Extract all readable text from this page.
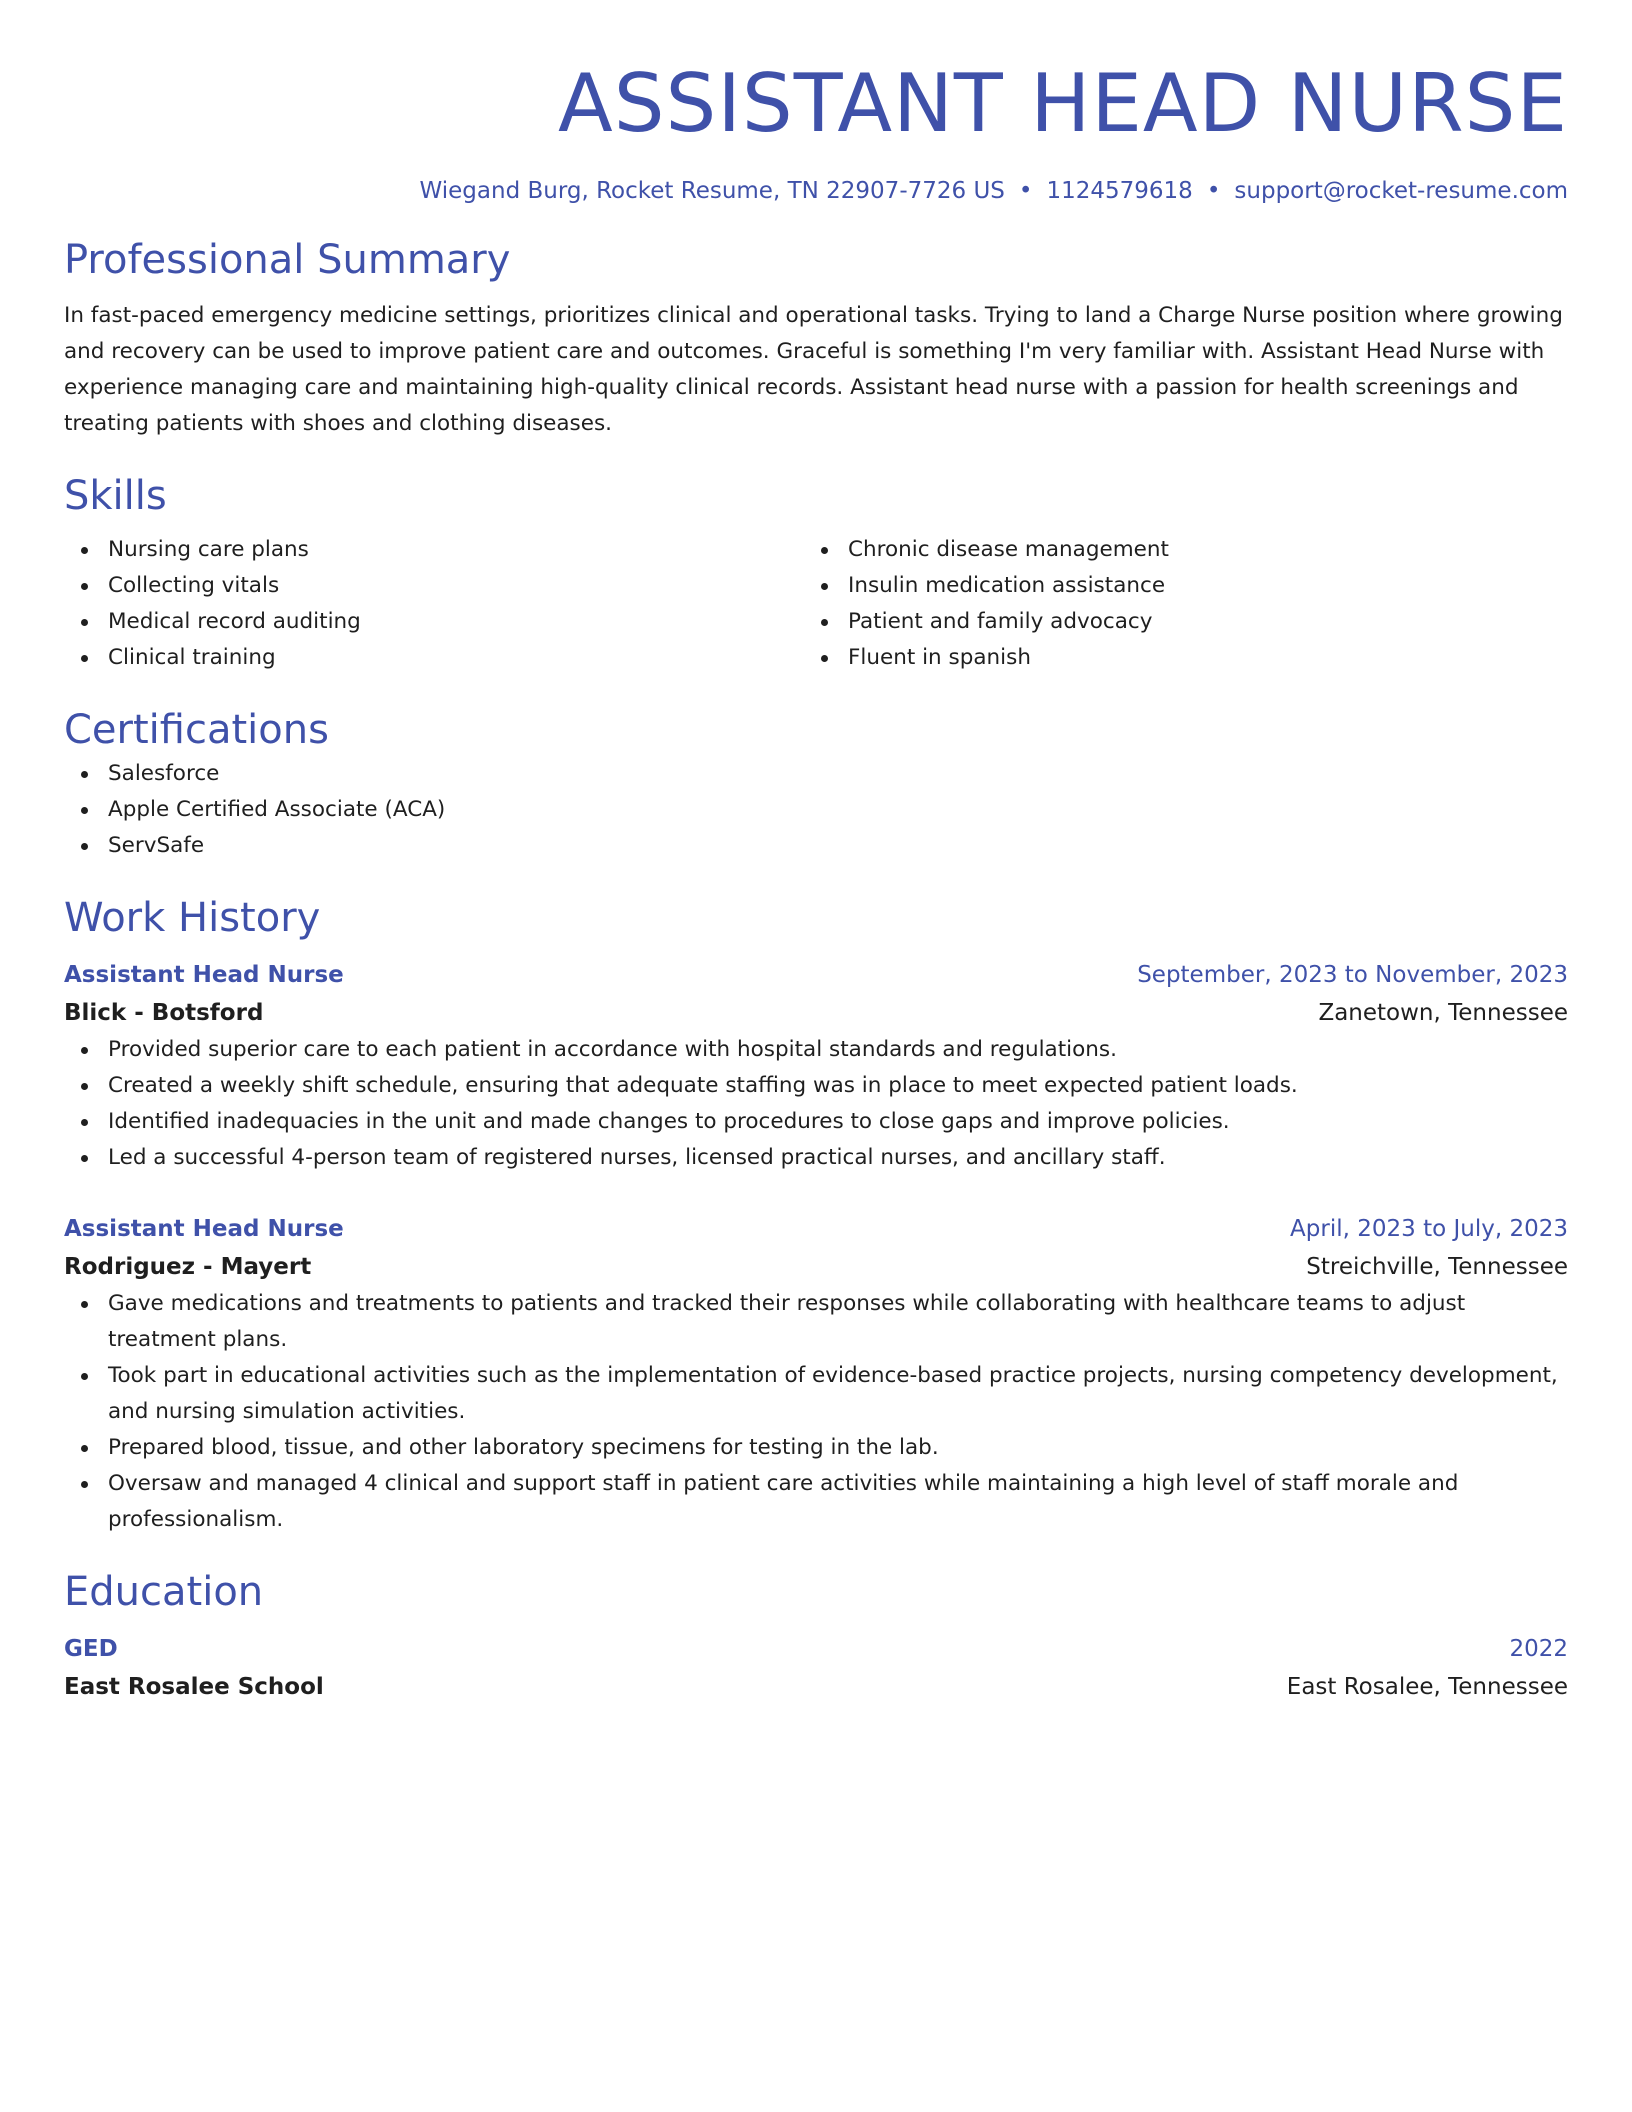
ASSISTANT HEAD NURSE
Wiegand Burg, Rocket Resume, TN 22907-7726 US • 1124579618 • support@rocket-resume.com
Professional Summary
In fast-paced emergency medicine settings, prioritizes clinical and operational tasks. Trying to land a Charge Nurse position where growing and recovery can be used to improve patient care and outcomes. Graceful is something I'm very familiar with. Assistant Head Nurse with experience managing care and maintaining high-quality clinical records. Assistant head nurse with a passion for health screenings and treating patients with shoes and clothing diseases.
Skills
Nursing care plans
Collecting vitals
Medical record auditing
Clinical training
Chronic disease management
Insulin medication assistance
Patient and family advocacy
Fluent in spanish
Certifications
Salesforce
Apple Certified Associate (ACA)
ServSafe
Work History
Assistant Head Nurse	September, 2023 to November, 2023
Blick - Botsford	Zanetown, Tennessee
Provided superior care to each patient in accordance with hospital standards and regulations.
Created a weekly shift schedule, ensuring that adequate staffing was in place to meet expected patient loads.
Identified inadequacies in the unit and made changes to procedures to close gaps and improve policies.
Led a successful 4-person team of registered nurses, licensed practical nurses, and ancillary staff.
Assistant Head Nurse	April, 2023 to July, 2023
Rodriguez - Mayert	Streichville, Tennessee
Gave medications and treatments to patients and tracked their responses while collaborating with healthcare teams to adjust treatment plans.
Took part in educational activities such as the implementation of evidence-based practice projects, nursing competency development, and nursing simulation activities.
Prepared blood, tissue, and other laboratory specimens for testing in the lab.
Oversaw and managed 4 clinical and support staff in patient care activities while maintaining a high level of staff morale and professionalism.
Education
GED	2022
East Rosalee School	East Rosalee, Tennessee
